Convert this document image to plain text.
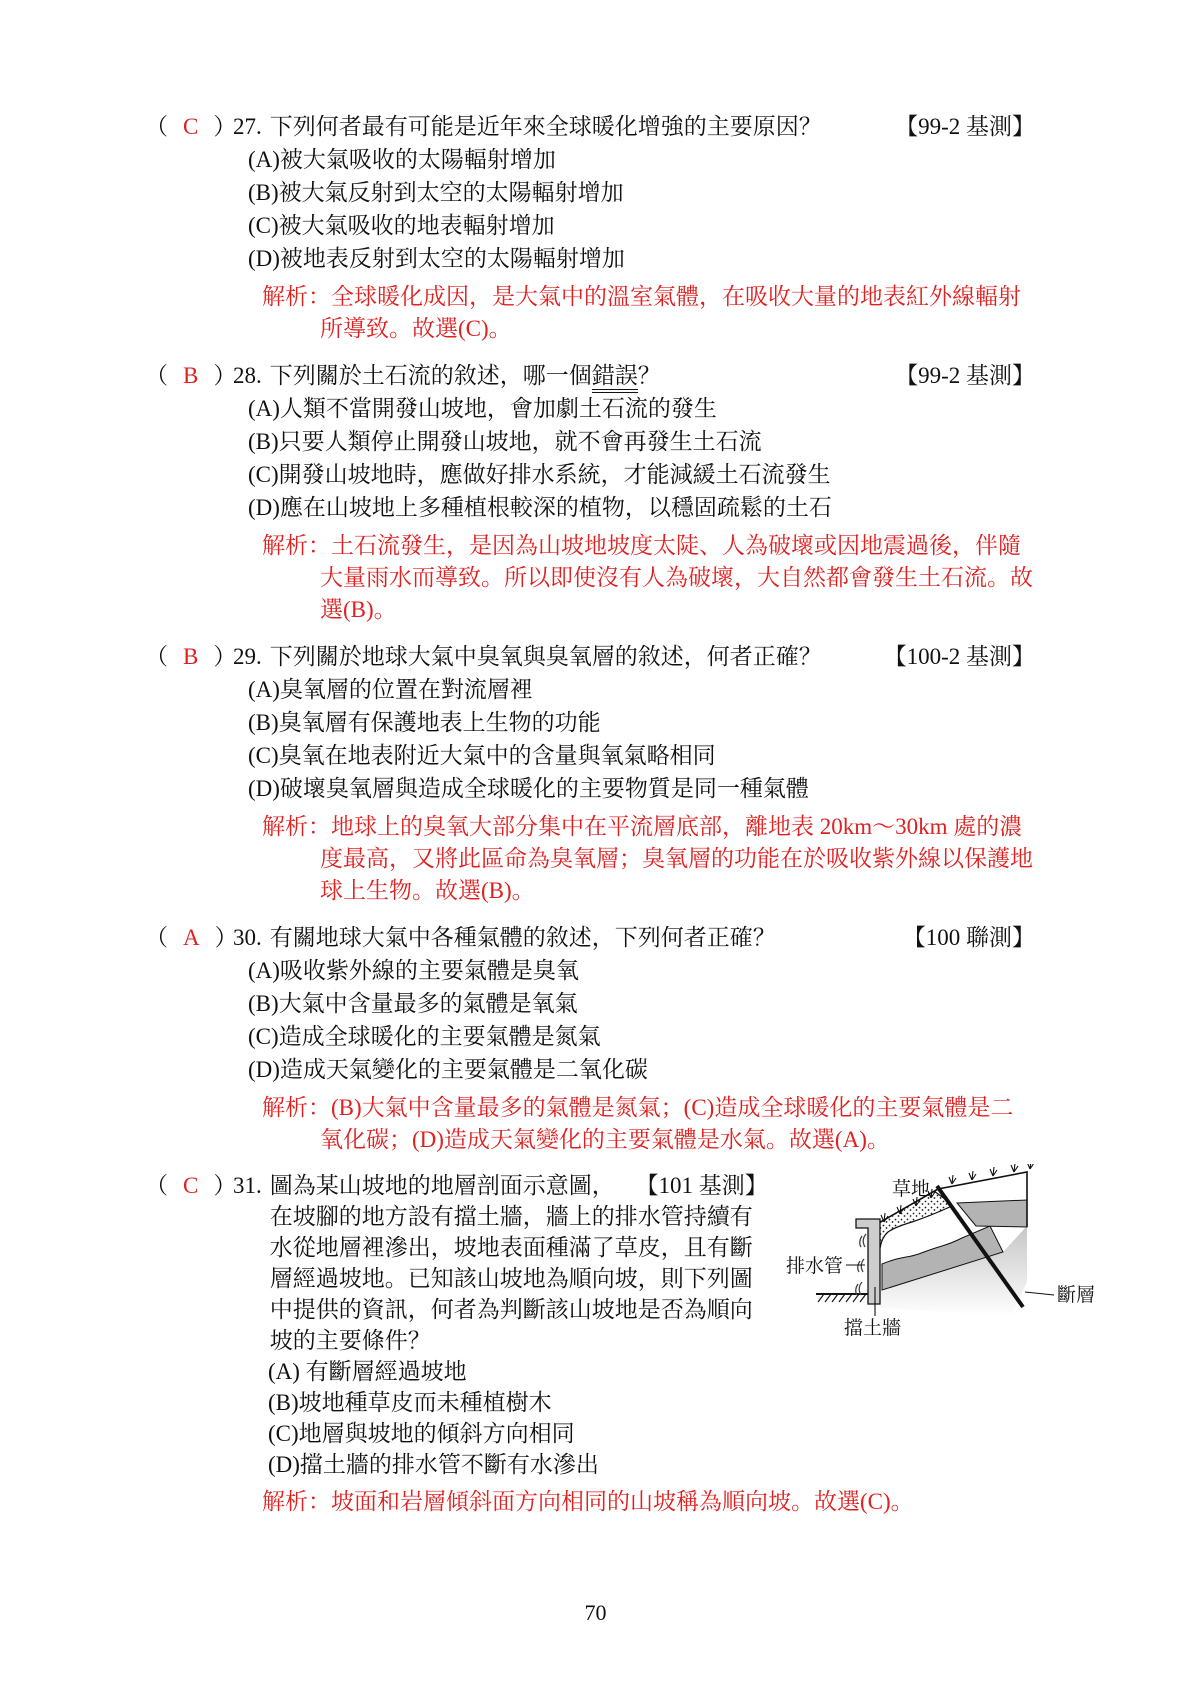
（ C ）
27. 下列何者最有可能是近年來全球暖化增強的主要原因？	【99-2 基測】
(A)被大氣吸收的太陽輻射增加
(B)被大氣反射到太空的太陽輻射增加
(C)被大氣吸收的地表輻射增加
(D)被地表反射到太空的太陽輻射增加
解析：全球暖化成因，是大氣中的溫室氣體，在吸收大量的地表紅外線輻射所導致。故選(C)。
（ B ）
28. 下列關於土石流的敘述，哪一個錯誤？	【99-2 基測】
(A)人類不當開發山坡地，會加劇土石流的發生
(B)只要人類停止開發山坡地，就不會再發生土石流
(C)開發山坡地時，應做好排水系統，才能減緩土石流發生
(D)應在山坡地上多種植根較深的植物，以穩固疏鬆的土石
解析：土石流發生，是因為山坡地坡度太陡、人為破壞或因地震過後，伴隨大量雨水而導致。所以即使沒有人為破壞，大自然都會發生土石流。故選(B)。
（ B ）
29. 下列關於地球大氣中臭氧與臭氧層的敘述，何者正確？	【100-2 基測】
(A)臭氧層的位置在對流層裡
(B)臭氧層有保護地表上生物的功能
(C)臭氧在地表附近大氣中的含量與氧氣略相同
(D)破壞臭氧層與造成全球暖化的主要物質是同一種氣體
解析：地球上的臭氧大部分集中在平流層底部，離地表 20km～30km 處的濃度最高，又將此區命為臭氧層；臭氧層的功能在於吸收紫外線以保護地球上生物。故選(B)。
（ A ）
30. 有關地球大氣中各種氣體的敘述，下列何者正確？	【100 聯測】
(A)吸收紫外線的主要氣體是臭氧
(B)大氣中含量最多的氣體是氧氣
(C)造成全球暖化的主要氣體是氮氣
(D)造成天氣變化的主要氣體是二氧化碳
解析：(B)大氣中含量最多的氣體是氮氣；(C)造成全球暖化的主要氣體是二氧化碳；(D)造成天氣變化的主要氣體是水氣。故選(A)。
（ C ）
31.	【101 基測】
圖為某山坡地的地層剖面示意圖，在坡腳的地方設有擋土牆，牆上的排水管持續有水從地層裡滲出，坡地表面種滿了草皮，且有斷層經過坡地。已知該山坡地為順向坡，則下列圖中提供的資訊，何者為判斷該山坡地是否為順向坡的主要條件？
(A) 有斷層經過坡地
(B)坡地種草皮而未種植樹木
(C)地層與坡地的傾斜方向相同
(D)擋土牆的排水管不斷有水滲出
解析：坡面和岩層傾斜面方向相同的山坡稱為順向坡。故選(C)。
草地
排水管
斷層
擋土牆
70
